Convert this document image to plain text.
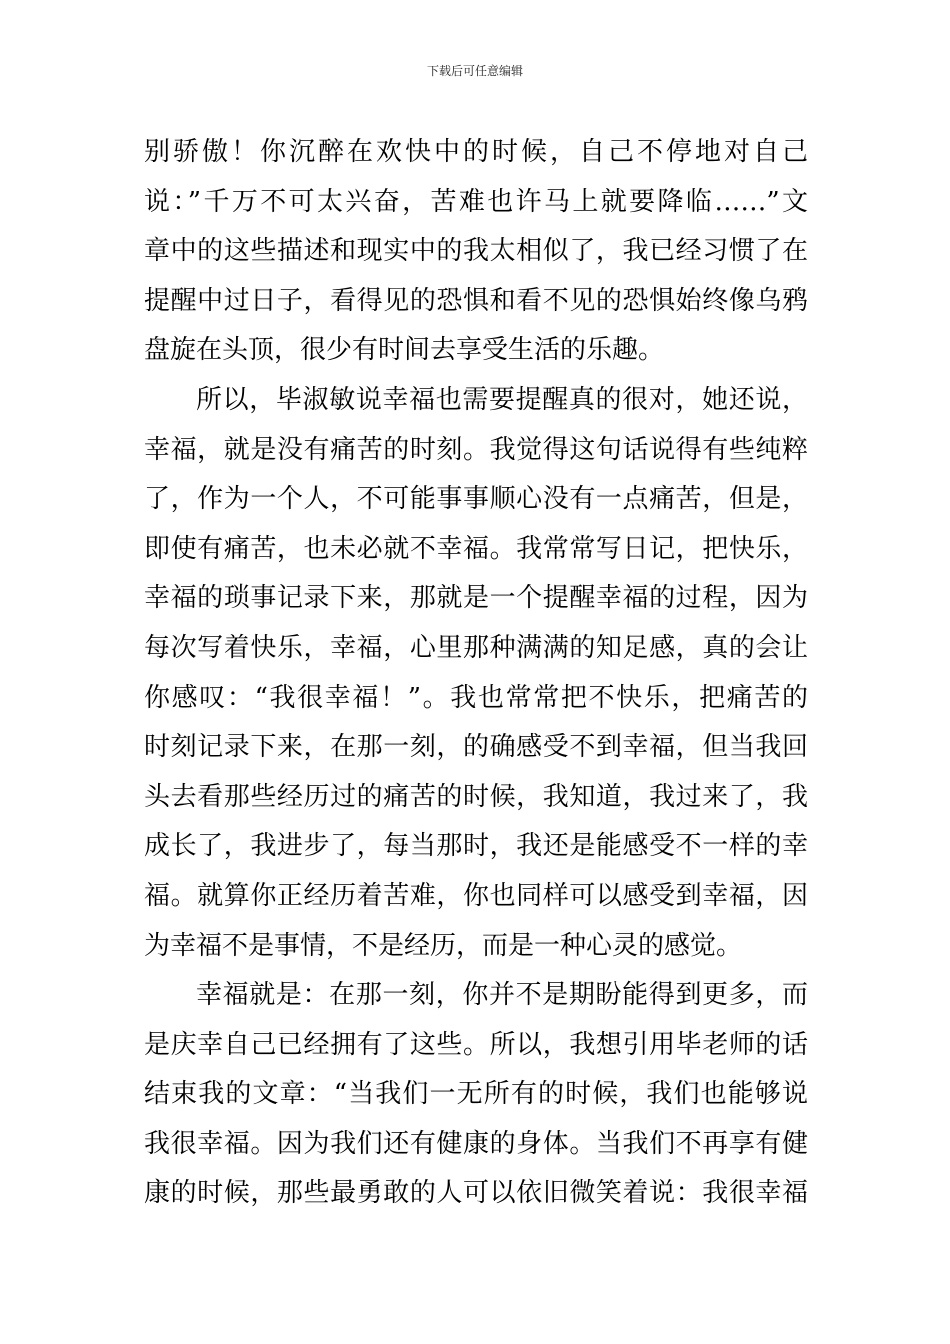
下载后可任意编辑
别骄傲！你沉醉在欢快中的时候，自己不停地对自己
说：”千万不可太兴奋，苦难也许马上就要降临……”文
章中的这些描述和现实中的我太相似了，我已经习惯了在
提醒中过日子，看得见的恐惧和看不见的恐惧始终像乌鸦
盘旋在头顶，很少有时间去享受生活的乐趣。
所以，毕淑敏说幸福也需要提醒真的很对，她还说，
幸福，就是没有痛苦的时刻。我觉得这句话说得有些纯粹
了，作为一个人，不可能事事顺心没有一点痛苦，但是，
即使有痛苦，也未必就不幸福。我常常写日记，把快乐，
幸福的琐事记录下来，那就是一个提醒幸福的过程，因为
每次写着快乐，幸福，心里那种满满的知足感，真的会让
你感叹：“我很幸福！”。我也常常把不快乐，把痛苦的
时刻记录下来，在那一刻，的确感受不到幸福，但当我回
头去看那些经历过的痛苦的时候，我知道，我过来了，我
成长了，我进步了，每当那时，我还是能感受不一样的幸
福。就算你正经历着苦难，你也同样可以感受到幸福，因
为幸福不是事情，不是经历，而是一种心灵的感觉。
幸福就是：在那一刻，你并不是期盼能得到更多，而
是庆幸自己已经拥有了这些。所以，我想引用毕老师的话
结束我的文章：“当我们一无所有的时候，我们也能够说
我很幸福。因为我们还有健康的身体。当我们不再享有健
康的时候，那些最勇敢的人可以依旧微笑着说：我很幸福
